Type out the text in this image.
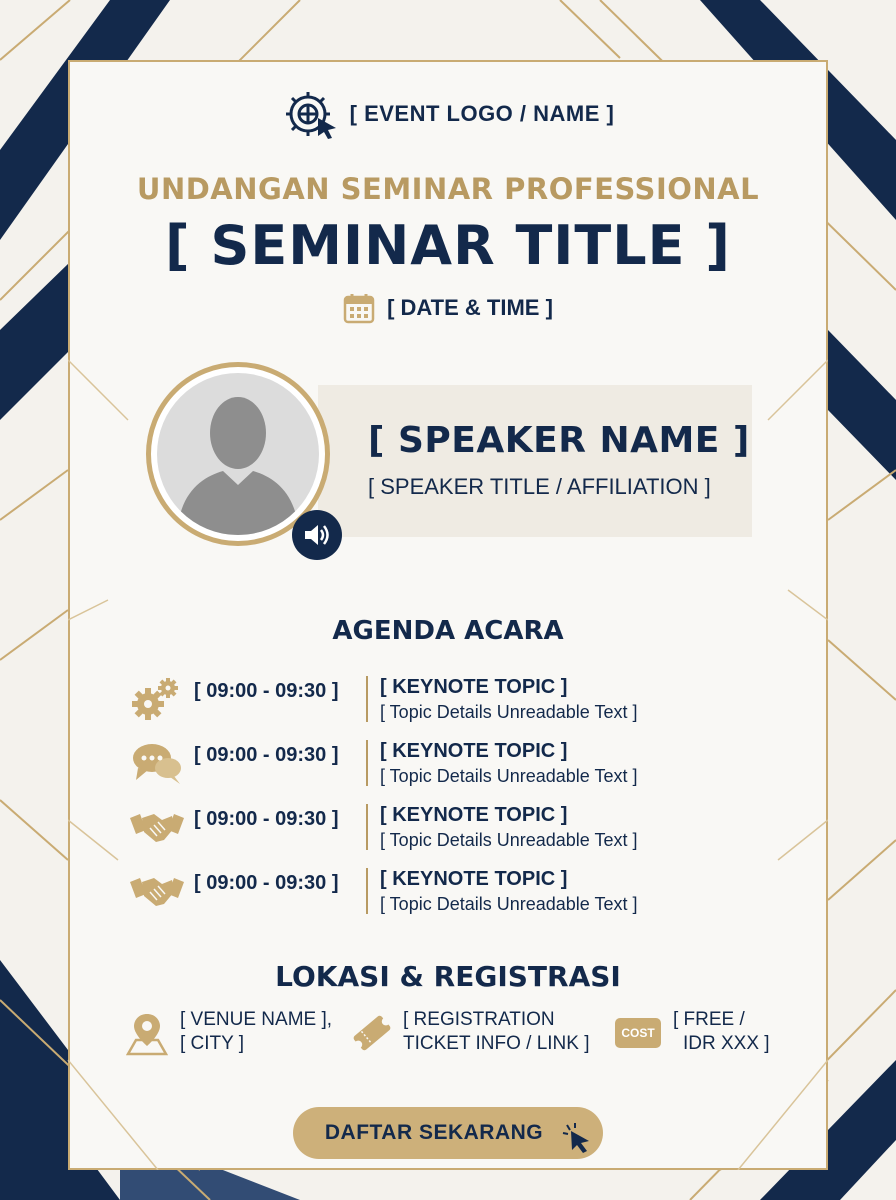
[ EVENT LOGO / NAME ]
UNDANGAN SEMINAR PROFESSIONAL
[ SEMINAR TITLE ]
[ DATE & TIME ]
[ SPEAKER NAME ]
[ SPEAKER TITLE / AFFILIATION ]
AGENDA ACARA
[ 09:00 - 09:30 ] [ KEYNOTE TOPIC ]
[ Topic Details Unreadable Text ]
[ 09:00 - 09:30 ] [ KEYNOTE TOPIC ]
[ Topic Details Unreadable Text ]
[ 09:00 - 09:30 ] [ KEYNOTE TOPIC ]
[ Topic Details Unreadable Text ]
[ 09:00 - 09:30 ] [ KEYNOTE TOPIC ]
[ Topic Details Unreadable Text ]
LOKASI & REGISTRASI
[ VENUE NAME ],
[ CITY ]
[ REGISTRATION
TICKET INFO / LINK ]	COST
[ FREE /
IDR XXX ]
DAFTAR SEKARANG
